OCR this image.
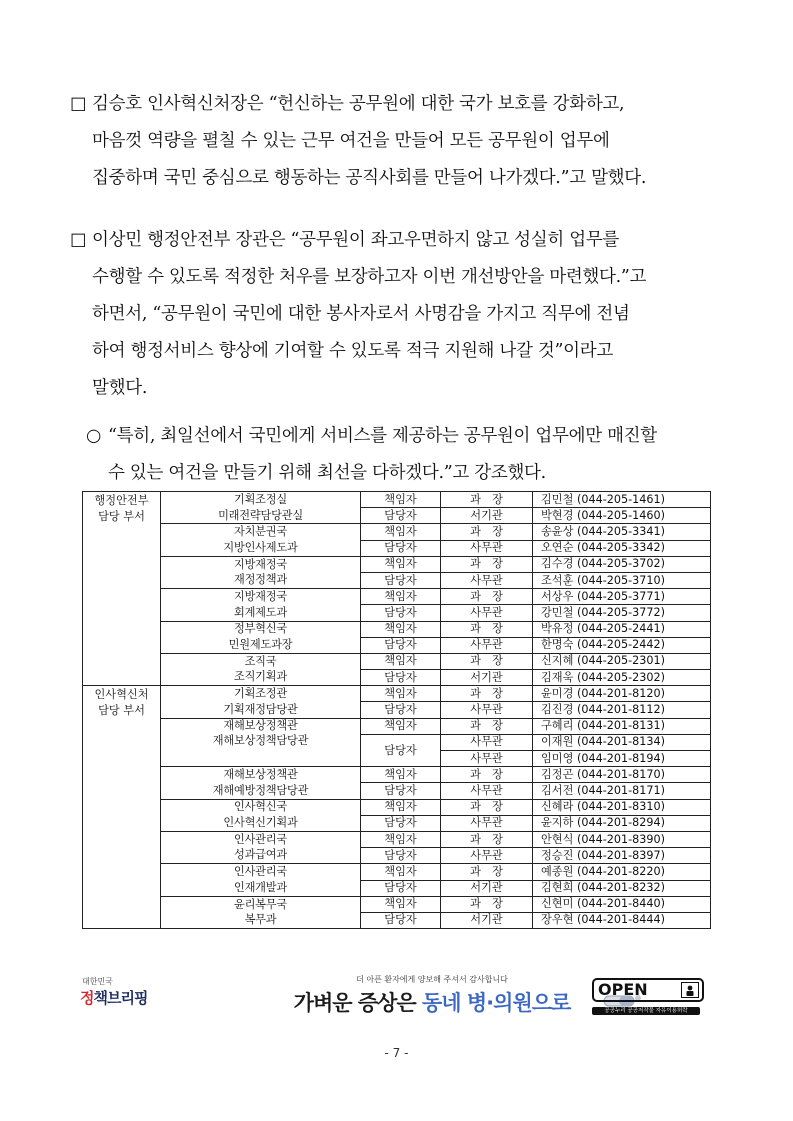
□ 김승호 인사혁신처장은 “헌신하는 공무원에 대한 국가 보호를 강화하고,
마음껏 역량을 펼칠 수 있는 근무 여건을 만들어 모든 공무원이 업무에
집중하며 국민 중심으로 행동하는 공직사회를 만들어 나가겠다.”고 말했다.
□ 이상민 행정안전부 장관은 “공무원이 좌고우면하지 않고 성실히 업무를
수행할 수 있도록 적정한 처우를 보장하고자 이번 개선방안을 마련했다.”고
하면서, “공무원이 국민에 대한 봉사자로서 사명감을 가지고 직무에 전념
하여 행정서비스 향상에 기여할 수 있도록 적극 지원해 나갈 것”이라고
말했다.
○ “특히, 최일선에서 국민에게 서비스를 제공하는 공무원이 업무에만 매진할
수 있는 여건을 만들기 위해 최선을 다하겠다.”고 강조했다.
행정안전부
담당 부서	기획조정실	책임자	과　장	김민철 (044-205-1461)
	미래전략담당관실	담당자	서기관	박현경 (044-205-1460)
	자치분권국	책임자	과　장	송윤상 (044-205-3341)
	지방인사제도과	담당자	사무관	오연순 (044-205-3342)
	지방재정국	책임자	과　장	김수경 (044-205-3702)
	재정정책과	담당자	사무관	조석훈 (044-205-3710)
	지방재정국	책임자	과　장	서상우 (044-205-3771)
	회계제도과	담당자	사무관	강민철 (044-205-3772)
	정부혁신국	책임자	과　장	박유정 (044-205-2441)
	민원제도과장	담당자	사무관	한명숙 (044-205-2442)
	조직국	책임자	과　장	신지혜 (044-205-2301)
	조직기획과	담당자	서기관	김재욱 (044-205-2302)
인사혁신처
담당 부서	기획조정관	책임자	과　장	윤미경 (044-201-8120)
	기획재정담당관	담당자	사무관	김진경 (044-201-8112)
	재해보상정책관	책임자	과　장	구혜리 (044-201-8131)
	재해보상정책담당관	담당자	사무관	이재원 (044-201-8134)
			사무관	임미영 (044-201-8194)
	재해보상정책관	책임자	과　장	김정곤 (044-201-8170)
	재해예방정책담당관	담당자	사무관	김서전 (044-201-8171)
	인사혁신국	책임자	과　장	신혜라 (044-201-8310)
	인사혁신기획과	담당자	사무관	윤지하 (044-201-8294)
	인사관리국	책임자	과　장	안현식 (044-201-8390)
	성과급여과	담당자	사무관	정승진 (044-201-8397)
	인사관리국	책임자	과　장	예종원 (044-201-8220)
	인재개발과	담당자	서기관	김현희 (044-201-8232)
	윤리복무국	책임자	과　장	신현미 (044-201-8440)
	복무과	담당자	서기관	장우현 (044-201-8444)
대한민국
정책브리핑
더 아픈 환자에게 양보해 주셔서 감사합니다
가벼운 증상은 동네 병·의원으로
OPEN
공공누리 공공저작물 자유이용허락
- 7 -
